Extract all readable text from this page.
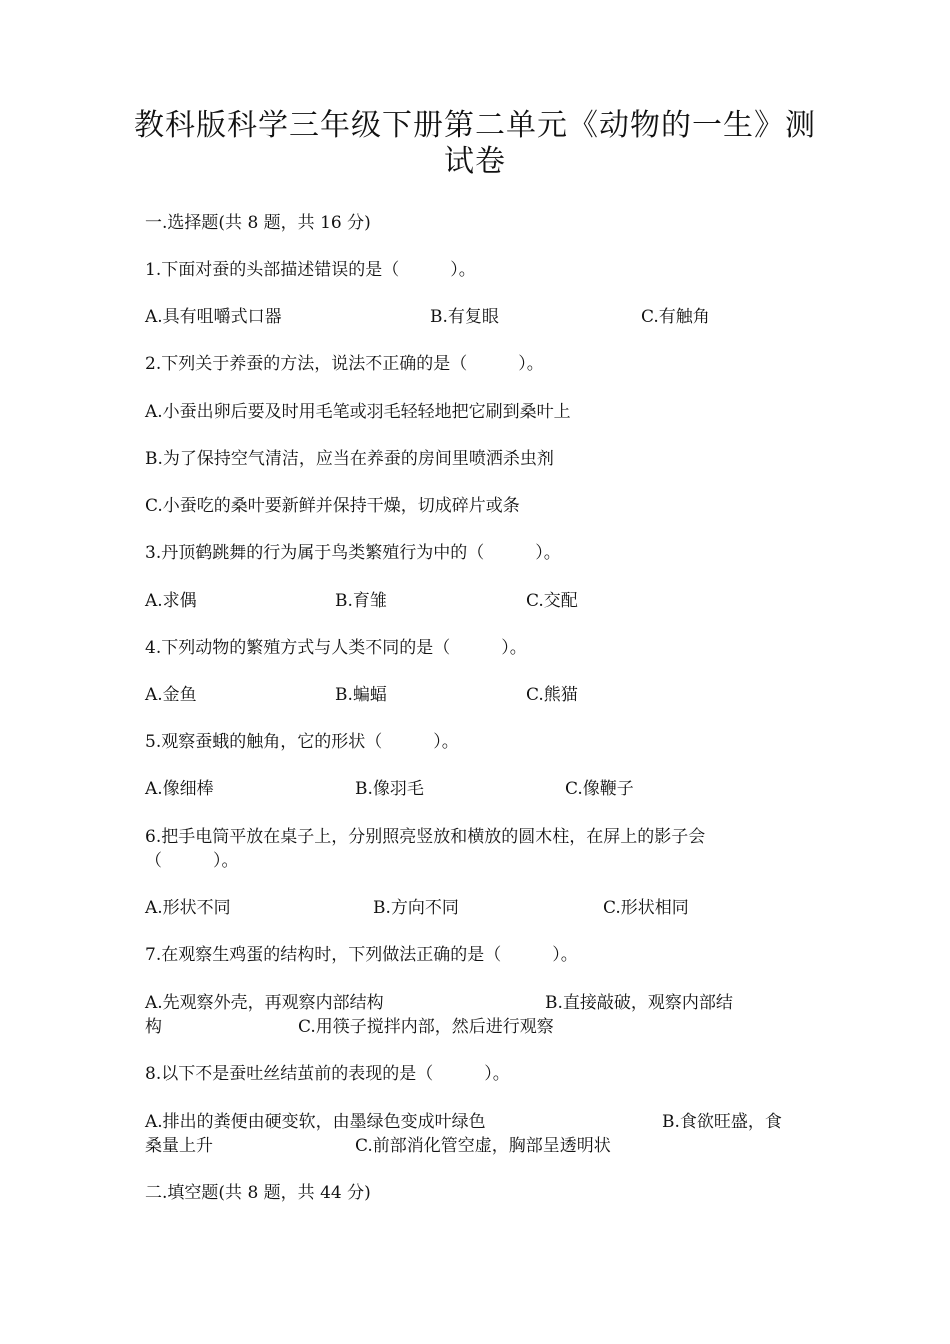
教科版科学三年级下册第二单元《动物的一生》测
试卷
一.选择题(共 8 题，共 16 分)
1.下面对蚕的头部描述错误的是（　　　）。
A.具有咀嚼式口器	B.有复眼	C.有触角
2.下列关于养蚕的方法，说法不正确的是（　　　）。
A.小蚕出卵后要及时用毛笔或羽毛轻轻地把它刷到桑叶上
B.为了保持空气清洁，应当在养蚕的房间里喷洒杀虫剂
C.小蚕吃的桑叶要新鲜并保持干燥，切成碎片或条
3.丹顶鹤跳舞的行为属于鸟类繁殖行为中的（　　　）。
A.求偶	B.育雏	C.交配
4.下列动物的繁殖方式与人类不同的是（　　　）。
A.金鱼	B.蝙蝠	C.熊猫
5.观察蚕蛾的触角，它的形状（　　　）。
A.像细棒	B.像羽毛	C.像鞭子
6.把手电筒平放在桌子上，分别照亮竖放和横放的圆木柱，在屏上的影子会
（　　　）。
A.形状不同	B.方向不同	C.形状相同
7.在观察生鸡蛋的结构时，下列做法正确的是（　　　）。
A.先观察外壳，再观察内部结构	B.直接敲破，观察内部结
构	C.用筷子搅拌内部，然后进行观察
8.以下不是蚕吐丝结茧前的表现的是（　　　）。
A.排出的粪便由硬变软，由墨绿色变成叶绿色	B.食欲旺盛，食
桑量上升	C.前部消化管空虚，胸部呈透明状
二.填空题(共 8 题，共 44 分)
